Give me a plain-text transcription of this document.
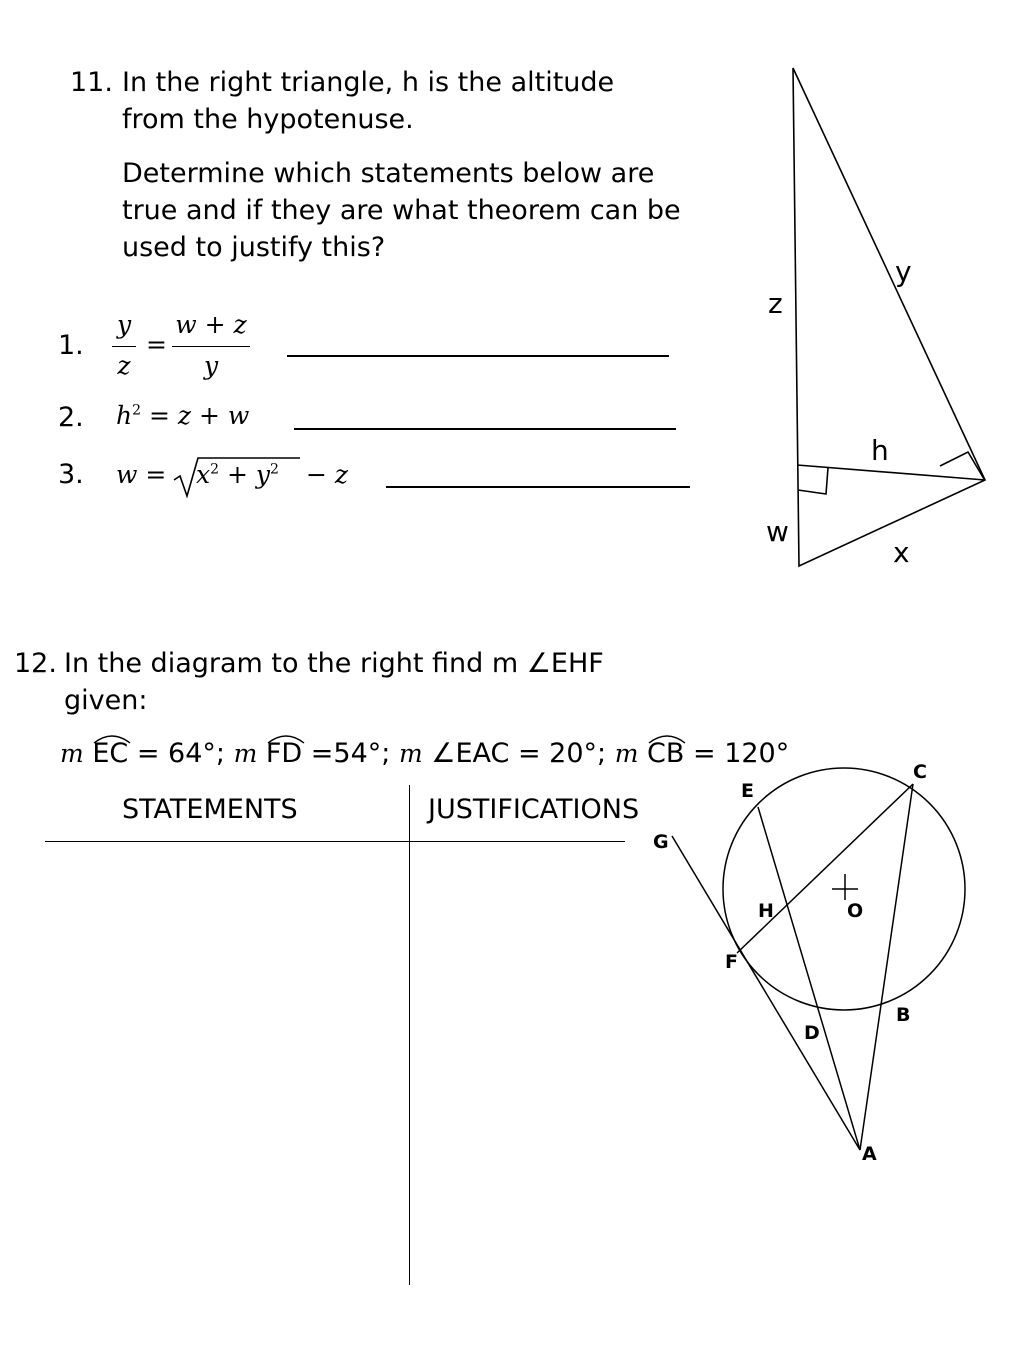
11. In the right triangle, h is the altitude
from the hypotenuse.
Determine which statements below are
true and if they are what theorem can be
used to justify this?
1.
y
z
=
w + z
y
2. $h^2 = z + w$
3. $w = x^2 + y^2 - z$
z
y
h
w
x
12. In the diagram to the right find m ∠EHF
given:
m EC = 64°; m FD =54°; m ∠EAC = 20°; m CB = 120°
STATEMENTS	JUSTIFICATIONS
E
C
G
H	O
F
B
D
A
